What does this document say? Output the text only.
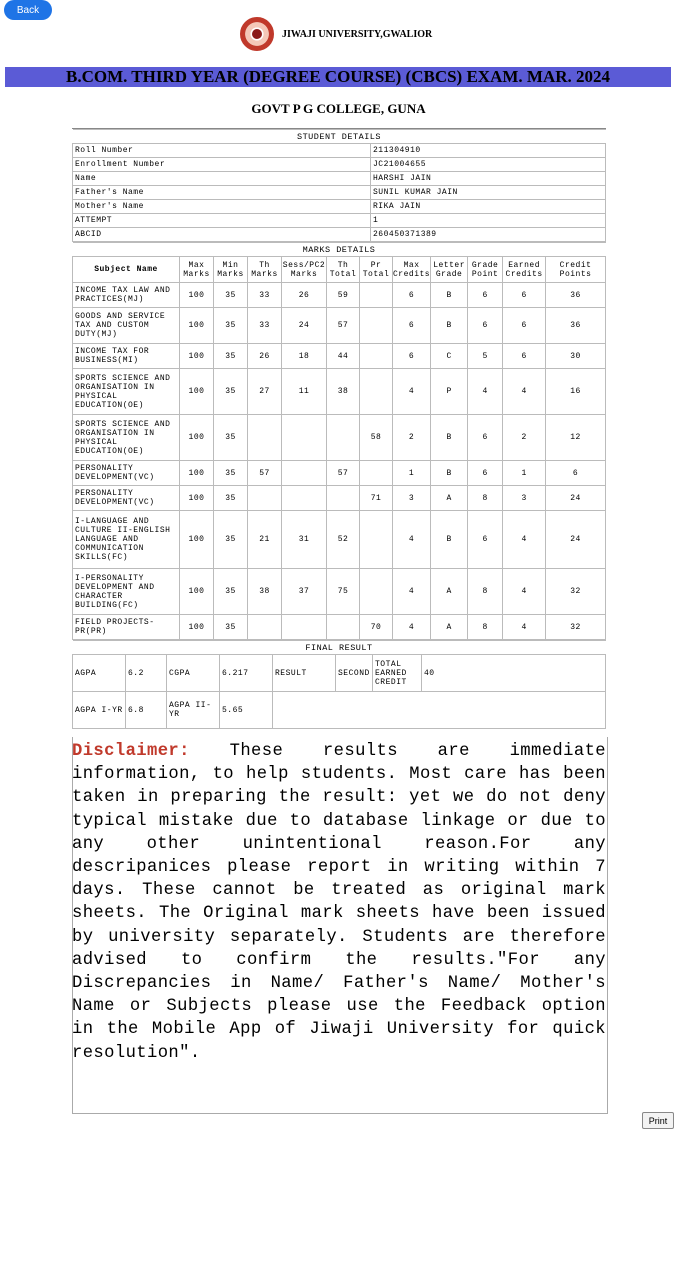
Back
JIWAJI UNIVERSITY,GWALIOR
B.COM. THIRD YEAR (DEGREE COURSE) (CBCS) EXAM. MAR. 2024
GOVT P G COLLEGE, GUNA
STUDENT DETAILS	
Roll Number	211304910
Enrollment Number	JC21004655
Name	HARSHI JAIN
Father's Name	SUNIL KUMAR JAIN
Mother's Name	RIKA JAIN
ATTEMPT	1
ABCID	260450371389
MARKS DETAILS											
Subject Name	Max Marks	Min Marks	Th Marks	Sess/PC2 Marks	Th Total	Pr Total	Max Credits	Letter Grade	Grade Point	Earned Credits	Credit Points
INCOME TAX LAW AND PRACTICES(MJ)	100	35	33	26	59		6	B	6	6	36
GOODS AND SERVICE TAX AND CUSTOM DUTY(MJ)	100	35	33	24	57		6	B	6	6	36
INCOME TAX FOR BUSINESS(MI)	100	35	26	18	44		6	C	5	6	30
SPORTS SCIENCE AND ORGANISATION IN PHYSICAL EDUCATION(OE)	100	35	27	11	38		4	P	4	4	16
SPORTS SCIENCE AND ORGANISATION IN PHYSICAL EDUCATION(OE)	100	35				58	2	B	6	2	12
PERSONALITY DEVELOPMENT(VC)	100	35	57		57		1	B	6	1	6
PERSONALITY DEVELOPMENT(VC)	100	35				71	3	A	8	3	24
I-LANGUAGE AND CULTURE II-ENGLISH LANGUAGE AND COMMUNICATION SKILLS(FC)	100	35	21	31	52		4	B	6	4	24
I-PERSONALITY DEVELOPMENT AND CHARACTER BUILDING(FC)	100	35	38	37	75		4	A	8	4	32
FIELD PROJECTS-PR(PR)	100	35				70	4	A	8	4	32
FINAL RESULT							
AGPA	6.2	CGPA	6.217	RESULT	SECOND	TOTAL EARNED CREDIT	40
AGPA I-YR	6.8	AGPA II-YR	5.65				
Disclaimer: These results are immediate information, to help students. Most care has been taken in preparing the result: yet we do not deny typical mistake due to database linkage or due to any other unintentional reason.For any descripanices please report in writing within 7 days. These cannot be treated as original mark sheets. The Original mark sheets have been issued by university separately. Students are therefore advised to confirm the results."For any Discrepancies in Name/ Father's Name/ Mother's Name or Subjects please use the Feedback option in the Mobile App of Jiwaji University for quick resolution".
Print
